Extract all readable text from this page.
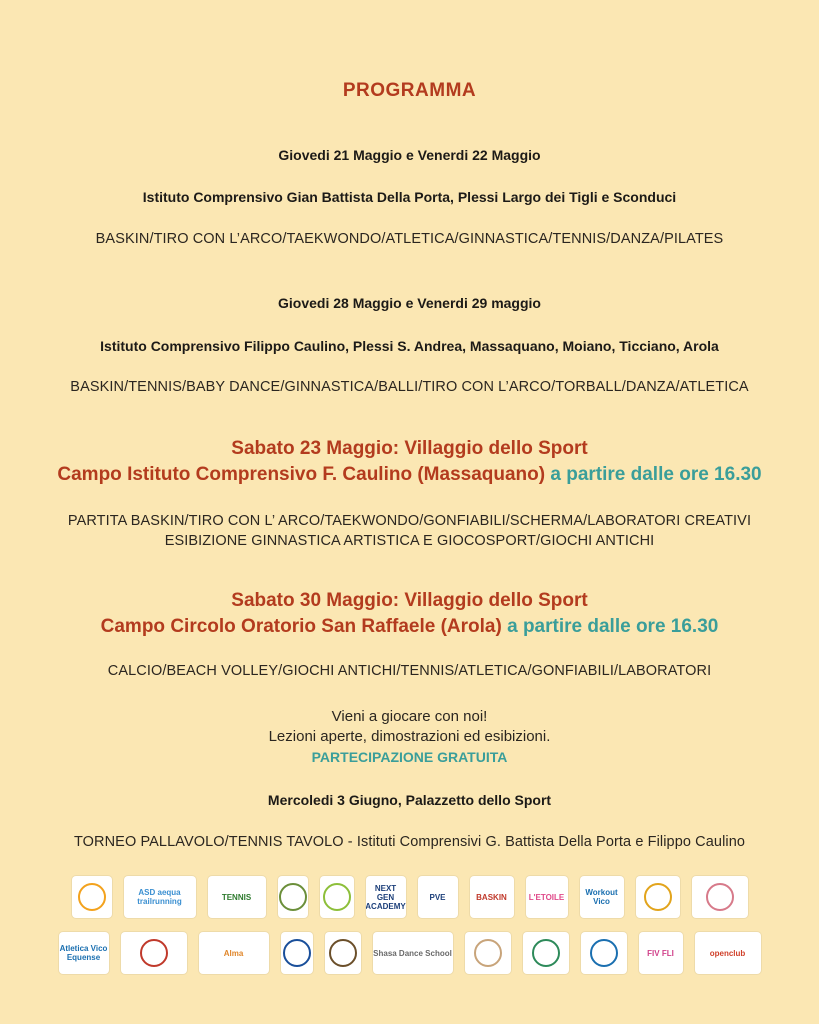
PROGRAMMA
Giovedi 21 Maggio e Venerdi 22 Maggio
Istituto Comprensivo Gian Battista Della Porta, Plessi Largo dei Tigli e Sconduci
BASKIN/TIRO CON L’ARCO/TAEKWONDO/ATLETICA/GINNASTICA/TENNIS/DANZA/PILATES
Giovedi 28 Maggio e Venerdi 29 maggio
Istituto Comprensivo Filippo Caulino, Plessi S. Andrea, Massaquano, Moiano, Ticciano, Arola
BASKIN/TENNIS/BABY DANCE/GINNASTICA/BALLI/TIRO CON L’ARCO/TORBALL/DANZA/ATLETICA
Sabato 23 Maggio: Villaggio dello Sport
Campo Istituto Comprensivo F. Caulino (Massaquano) a partire dalle ore 16.30
PARTITA BASKIN/TIRO CON L’ ARCO/TAEKWONDO/GONFIABILI/SCHERMA/LABORATORI CREATIVI
ESIBIZIONE GINNASTICA ARTISTICA E GIOCOSPORT/GIOCHI ANTICHI
Sabato 30 Maggio: Villaggio dello Sport
Campo Circolo Oratorio San Raffaele (Arola) a partire dalle ore 16.30
CALCIO/BEACH VOLLEY/GIOCHI ANTICHI/TENNIS/ATLETICA/GONFIABILI/LABORATORI
Vieni a giocare con noi!
Lezioni aperte, dimostrazioni ed esibizioni.
PARTECIPAZIONE GRATUITA
Mercoledi 3 Giugno, Palazzetto dello Sport
TORNEO PALLAVOLO/TENNIS TAVOLO - Istituti Comprensivi G. Battista Della Porta e Filippo Caulino
ASD aequa trailrunning	TENNIS
NEXT GEN ACADEMY
PVE	BASKIN	L'ETOILE	Workout Vico
Atletica Vico Equense	Alma	Shasa Dance School	FIV FLI	openclub
